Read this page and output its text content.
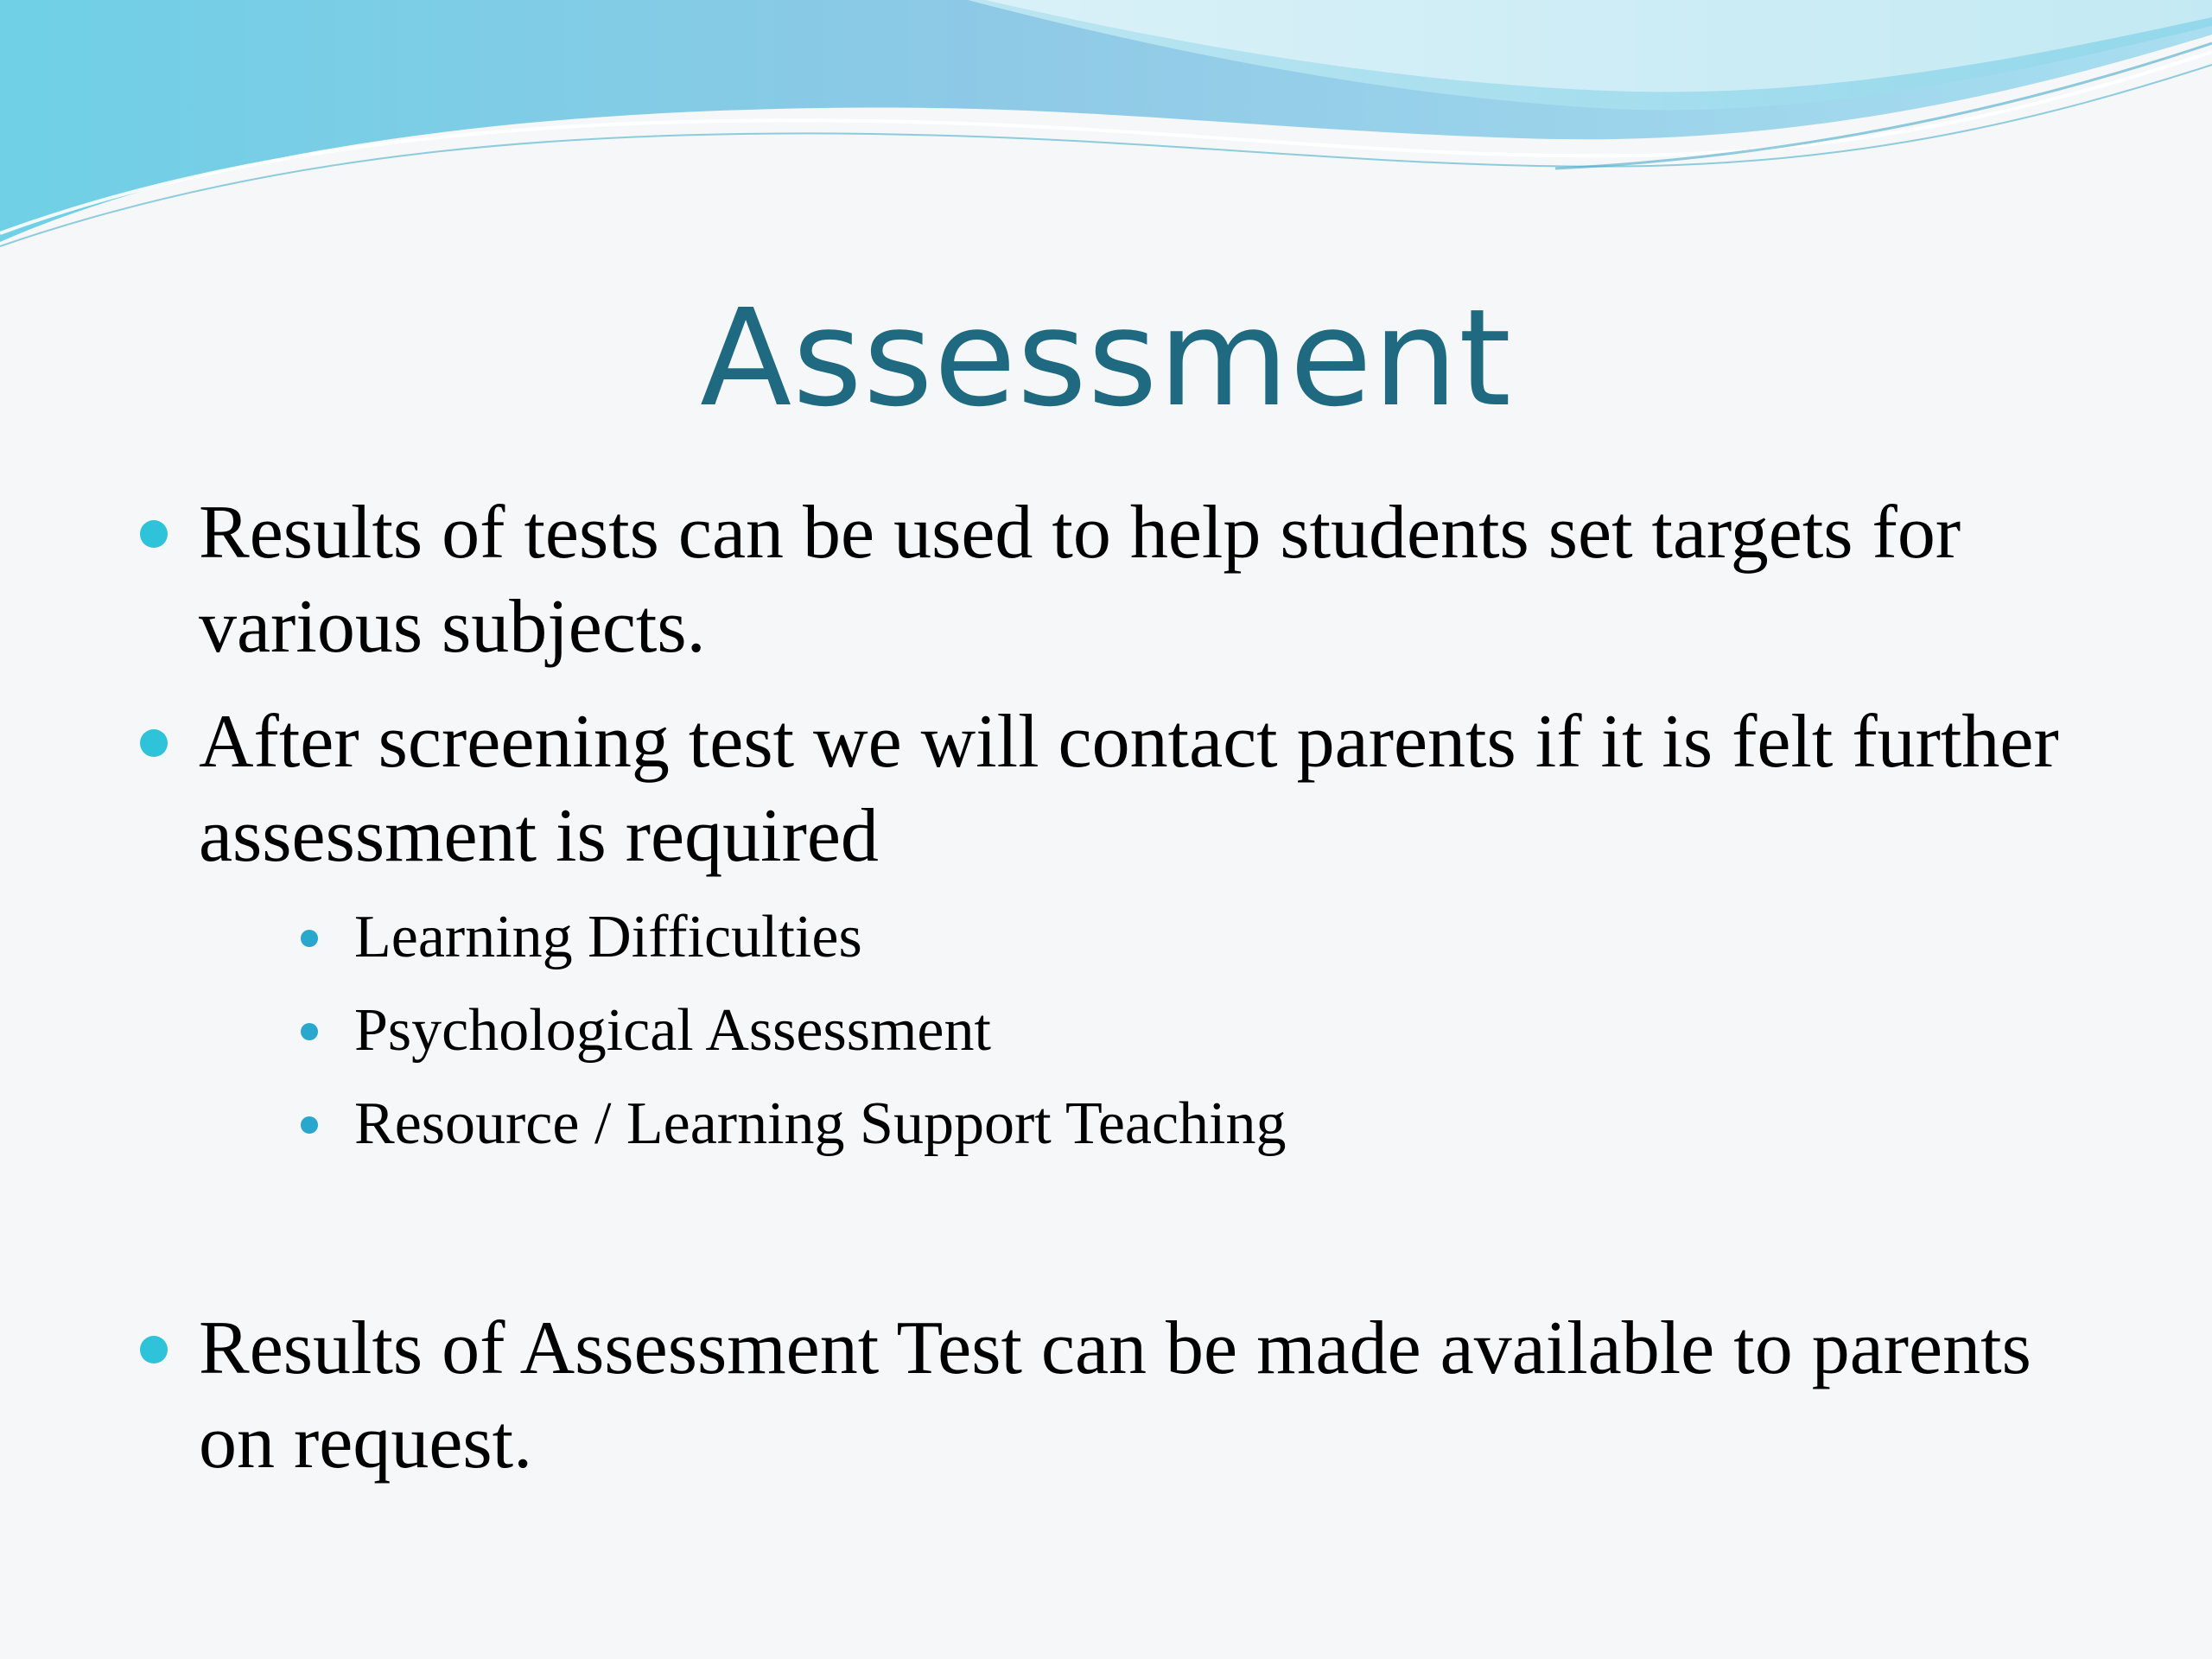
Assessment
Results of tests can be used to help students set targets for various subjects.
After screening test we will contact parents if it is felt further assessment is required
Learning Difficulties
Psychological Assessment
Resource / Learning Support Teaching
Results of Assessment Test can be made available to parents on request.
